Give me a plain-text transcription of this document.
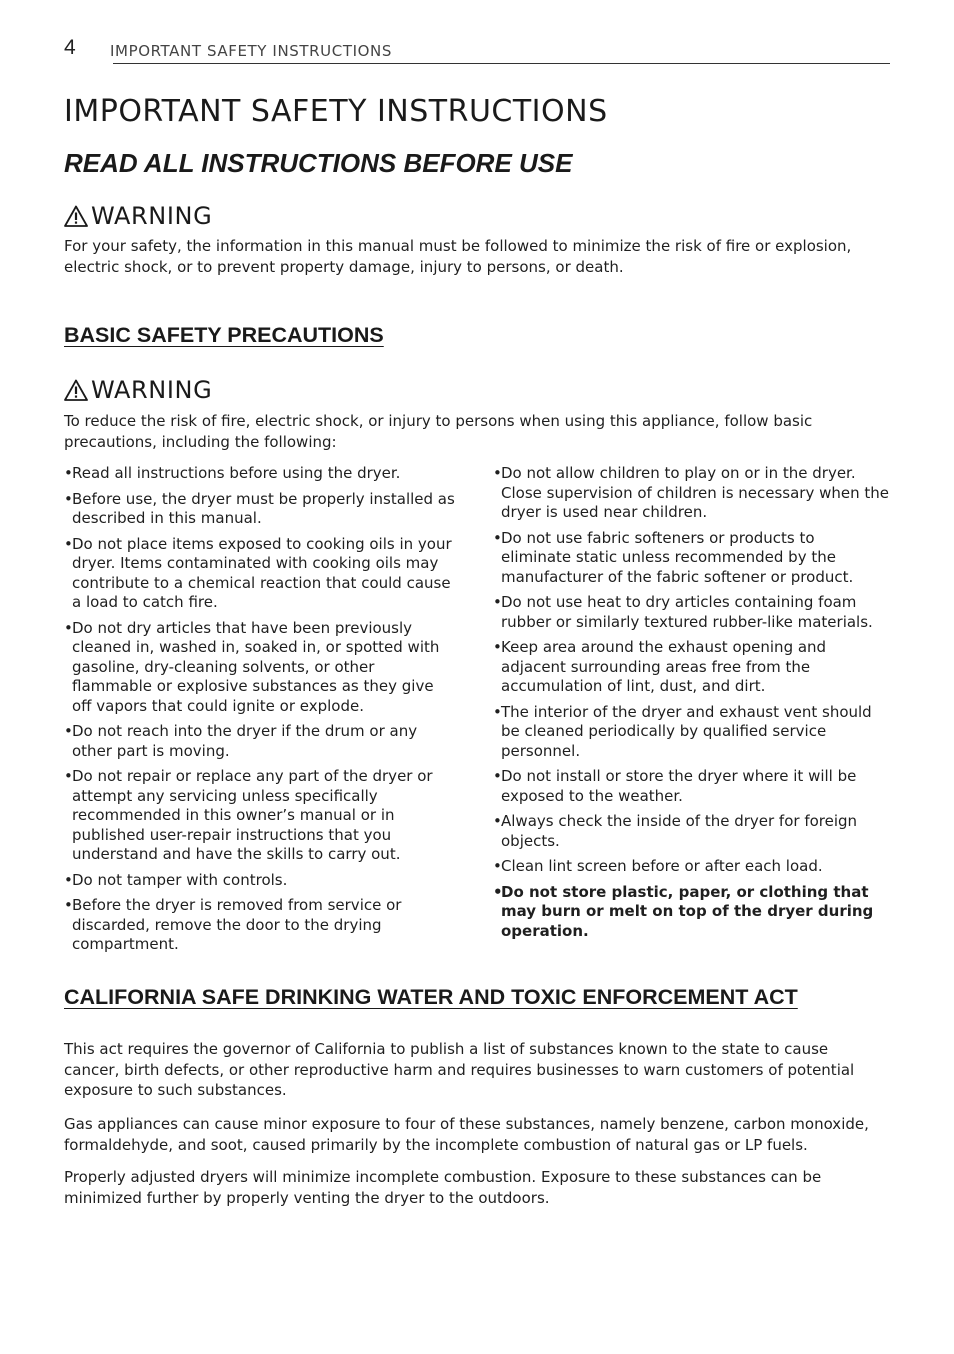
4 IMPORTANT SAFETY INSTRUCTIONS
IMPORTANT SAFETY INSTRUCTIONS
READ ALL INSTRUCTIONS BEFORE USE
WARNING

For your safety, the information in this manual must be followed to minimize the risk of fire or explosion, electric shock, or to prevent property damage, injury to persons, or death.

BASIC SAFETY PRECAUTIONS
WARNING

To reduce the risk of fire, electric shock, or injury to persons when using this appliance, follow basic precautions, including the following:

• Read all instructions before using the dryer.
• Before use, the dryer must be properly installed as described in this manual.
• Do not place items exposed to cooking oils in your dryer. Items contaminated with cooking oils may contribute to a chemical reaction that could cause a load to catch fire.
• Do not dry articles that have been previously cleaned in, washed in, soaked in, or spotted with gasoline, dry-cleaning solvents, or other flammable or explosive substances as they give off vapors that could ignite or explode.
• Do not reach into the dryer if the drum or any other part is moving.
• Do not repair or replace any part of the dryer or attempt any servicing unless specifically recommended in this owner’s manual or in published user-repair instructions that you understand and have the skills to carry out.
• Do not tamper with controls.
• Before the dryer is removed from service or discarded, remove the door to the drying compartment.
• Do not allow children to play on or in the dryer. Close supervision of children is necessary when the dryer is used near children.
• Do not use fabric softeners or products to eliminate static unless recommended by the manufacturer of the fabric softener or product.
• Do not use heat to dry articles containing foam rubber or similarly textured rubber-like materials.
• Keep area around the exhaust opening and adjacent surrounding areas free from the accumulation of lint, dust, and dirt.
• The interior of the dryer and exhaust vent should be cleaned periodically by qualified service personnel.
• Do not install or store the dryer where it will be exposed to the weather.
• Always check the inside of the dryer for foreign objects.
• Clean lint screen before or after each load.
• Do not store plastic, paper, or clothing that may burn or melt on top of the dryer during operation.
CALIFORNIA SAFE DRINKING WATER AND TOXIC ENFORCEMENT ACT

This act requires the governor of California to publish a list of substances known to the state to cause cancer, birth defects, or other reproductive harm and requires businesses to warn customers of potential exposure to such substances.

Gas appliances can cause minor exposure to four of these substances, namely benzene, carbon monoxide, formaldehyde, and soot, caused primarily by the incomplete combustion of natural gas or LP fuels.

Properly adjusted dryers will minimize incomplete combustion. Exposure to these substances can be minimized further by properly venting the dryer to the outdoors.
